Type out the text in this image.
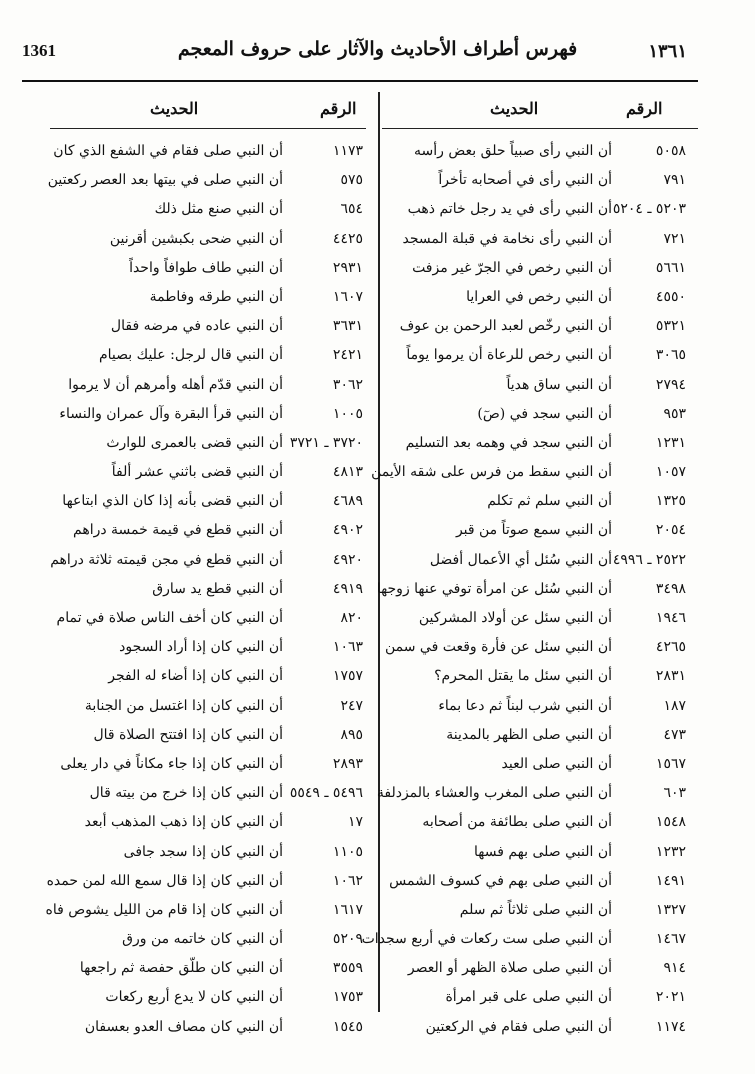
1361	فهرس أطراف الأحاديث والآثار على حروف المعجم	١٣٦١
الرقم
الحديث
الرقم
الحديث
٥٠٥٨
أن النبي رأى صبياً حلق بعض رأسه
٧٩١
أن النبي رأى في أصحابه تأخراً
٥٢٠٣ ـ ٥٢٠٤
أن النبي رأى في يد رجل خاتم ذهب
٧٢١
أن النبي رأى نخامة في قبلة المسجد
٥٦٦١
أن النبي رخص في الجرّ غير مزفت
٤٥٥٠
أن النبي رخص في العرايا
٥٣٢١
أن النبي رخّص لعبد الرحمن بن عوف
٣٠٦٥
أن النبي رخص للرعاة أن يرموا يوماً
٢٧٩٤
أن النبي ساق هدياً
٩٥٣
أن النبي سجد في (صٓ)
١٢٣١
أن النبي سجد في وهمه بعد التسليم
١٠٥٧
أن النبي سقط من فرس على شقه الأيمن
١٣٢٥
أن النبي سلم ثم تكلم
٢٠٥٤
أن النبي سمع صوتاً من قبر
٢٥٢٢ ـ ٤٩٩٦
أن النبي سُئل أي الأعمال أفضل
٣٤٩٨
أن النبي سُئل عن امرأة توفي عنها زوجها
١٩٤٦
أن النبي سئل عن أولاد المشركين
٤٢٦٥
أن النبي سئل عن فأرة وقعت في سمن
٢٨٣١
أن النبي سئل ما يقتل المحرم؟
١٨٧
أن النبي شرب لبناً ثم دعا بماء
٤٧٣
أن النبي صلى الظهر بالمدينة
١٥٦٧
أن النبي صلى العيد
٦٠٣
أن النبي صلى المغرب والعشاء بالمزدلفة
١٥٤٨
أن النبي صلى بطائفة من أصحابه
١٢٣٢
أن النبي صلى بهم فسها
١٤٩١
أن النبي صلى بهم في كسوف الشمس
١٣٢٧
أن النبي صلى ثلاثاً ثم سلم
١٤٦٧
أن النبي صلى ست ركعات في أربع سجدات
٩١٤
أن النبي صلى صلاة الظهر أو العصر
٢٠٢١
أن النبي صلى على قبر امرأة
١١٧٤
أن النبي صلى فقام في الركعتين
١١٧٣
أن النبي صلى فقام في الشفع الذي كان
٥٧٥
أن النبي صلى في بيتها بعد العصر ركعتين
٦٥٤
أن النبي صنع مثل ذلك
٤٤٢٥
أن النبي ضحى بكبشين أقرنين
٢٩٣١
أن النبي طاف طوافاً واحداً
١٦٠٧
أن النبي طرقه وفاطمة
٣٦٣١
أن النبي عاده في مرضه فقال
٢٤٢١
أن النبي قال لرجل: عليك بصيام
٣٠٦٢
أن النبي قدّم أهله وأمرهم أن لا يرموا
١٠٠٥
أن النبي قرأ البقرة وآل عمران والنساء
٣٧٢٠ ـ ٣٧٢١
أن النبي قضى بالعمرى للوارث
٤٨١٣
أن النبي قضى باثني عشر ألفاً
٤٦٨٩
أن النبي قضى بأنه إذا كان الذي ابتاعها
٤٩٠٢
أن النبي قطع في قيمة خمسة دراهم
٤٩٢٠
أن النبي قطع في مجن قيمته ثلاثة دراهم
٤٩١٩
أن النبي قطع يد سارق
٨٢٠
أن النبي كان أخف الناس صلاة في تمام
١٠٦٣
أن النبي كان إذا أراد السجود
١٧٥٧
أن النبي كان إذا أضاء له الفجر
٢٤٧
أن النبي كان إذا اغتسل من الجنابة
٨٩٥
أن النبي كان إذا افتتح الصلاة قال
٢٨٩٣
أن النبي كان إذا جاء مكاناً في دار يعلى
٥٤٩٦ ـ ٥٥٤٩
أن النبي كان إذا خرج من بيته قال
١٧
أن النبي كان إذا ذهب المذهب أبعد
١١٠٥
أن النبي كان إذا سجد جافى
١٠٦٢
أن النبي كان إذا قال سمع الله لمن حمده
١٦١٧
أن النبي كان إذا قام من الليل يشوص فاه
٥٢٠٩
أن النبي كان خاتمه من ورق
٣٥٥٩
أن النبي كان طلّق حفصة ثم راجعها
١٧٥٣
أن النبي كان لا يدع أربع ركعات
١٥٤٥
أن النبي كان مصاف العدو بعسفان
